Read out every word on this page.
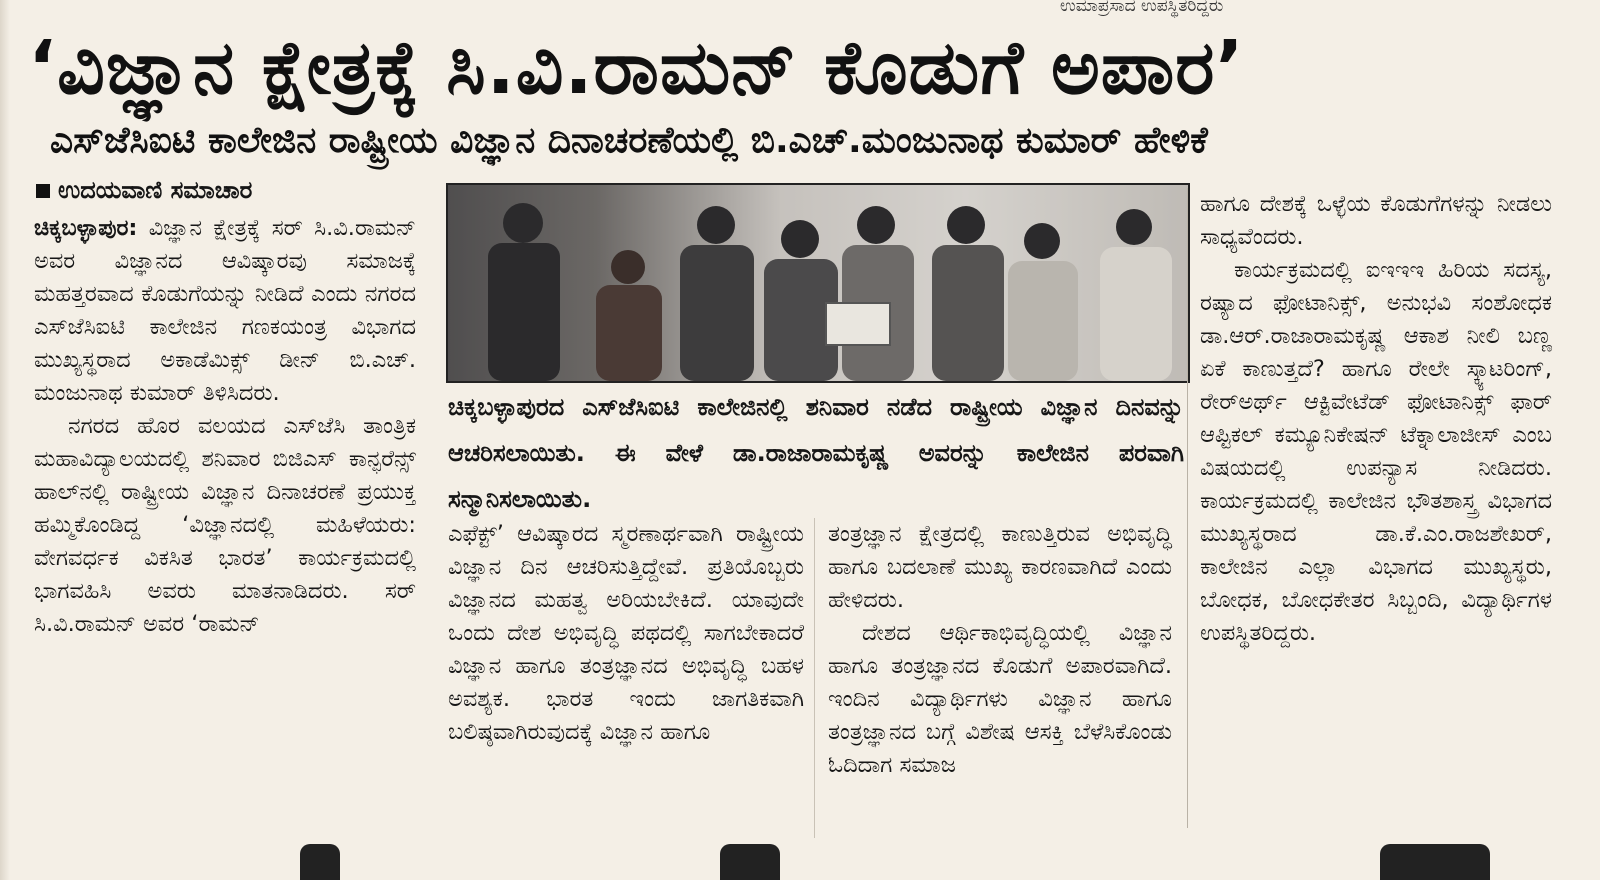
ಉಮಾಪ್ರಸಾದ ಉಪಸ್ಥಿತರಿದ್ದರು
‘ವಿಜ್ಞಾನ ಕ್ಷೇತ್ರಕ್ಕೆ ಸಿ.ವಿ.ರಾಮನ್ ಕೊಡುಗೆ ಅಪಾರ’
ಎಸ್‌ಜೆಸಿಐಟಿ ಕಾಲೇಜಿನ ರಾಷ್ಟ್ರೀಯ ವಿಜ್ಞಾನ ದಿನಾಚರಣೆಯಲ್ಲಿ ಬಿ.ಎಚ್.ಮಂಜುನಾಥ ಕುಮಾರ್ ಹೇಳಿಕೆ
ಉದಯವಾಣಿ ಸಮಾಚಾರ

ಚಿಕ್ಕಬಳ್ಳಾಪುರ: ವಿಜ್ಞಾನ ಕ್ಷೇತ್ರಕ್ಕೆ ಸರ್ ಸಿ.ವಿ.ರಾಮನ್ ಅವರ ವಿಜ್ಞಾನದ ಆವಿಷ್ಕಾರವು ಸಮಾಜಕ್ಕೆ ಮಹತ್ತರವಾದ ಕೊಡುಗೆಯನ್ನು ನೀಡಿದೆ ಎಂದು ನಗರದ ಎಸ್‌ಜೆಸಿಐಟಿ ಕಾಲೇಜಿನ ಗಣಕಯಂತ್ರ ವಿಭಾಗದ ಮುಖ್ಯಸ್ಥರಾದ ಅಕಾಡೆಮಿಕ್ಸ್ ಡೀನ್ ಬಿ.ಎಚ್. ಮಂಜುನಾಥ ಕುಮಾರ್ ತಿಳಿಸಿದರು.

ನಗರದ ಹೊರ ವಲಯದ ಎಸ್‌ಜೆಸಿ ತಾಂತ್ರಿಕ ಮಹಾವಿದ್ಯಾಲಯದಲ್ಲಿ ಶನಿವಾರ ಬಿಜಿಎಸ್ ಕಾನ್ಫರೆನ್ಸ್ ಹಾಲ್‌ನಲ್ಲಿ ರಾಷ್ಟ್ರೀಯ ವಿಜ್ಞಾನ ದಿನಾಚರಣೆ ಪ್ರಯುಕ್ತ ಹಮ್ಮಿಕೊಂಡಿದ್ದ ‘ವಿಜ್ಞಾನದಲ್ಲಿ ಮಹಿಳೆಯರು: ವೇಗವರ್ಧಕ ವಿಕಸಿತ ಭಾರತ’ ಕಾರ್ಯಕ್ರಮದಲ್ಲಿ ಭಾಗವಹಿಸಿ ಅವರು ಮಾತನಾಡಿದರು. ಸರ್ ಸಿ.ವಿ.ರಾಮನ್ ಅವರ ‘ರಾಮನ್

ಚಿಕ್ಕಬಳ್ಳಾಪುರದ ಎಸ್‌ಜೆಸಿಐಟಿ ಕಾಲೇಜಿನಲ್ಲಿ ಶನಿವಾರ ನಡೆದ ರಾಷ್ಟ್ರೀಯ ವಿಜ್ಞಾನ ದಿನವನ್ನು ಆಚರಿಸಲಾಯಿತು. ಈ ವೇಳೆ ಡಾ.ರಾಜಾರಾಮಕೃಷ್ಣ ಅವರನ್ನು ಕಾಲೇಜಿನ ಪರವಾಗಿ ಸನ್ಮಾನಿಸಲಾಯಿತು.

ಎಫೆಕ್ಟ್’ ಆವಿಷ್ಕಾರದ ಸ್ಮರಣಾರ್ಥವಾಗಿ ರಾಷ್ಟ್ರೀಯ ವಿಜ್ಞಾನ ದಿನ ಆಚರಿಸುತ್ತಿದ್ದೇವೆ. ಪ್ರತಿಯೊಬ್ಬರು ವಿಜ್ಞಾನದ ಮಹತ್ವ ಅರಿಯಬೇಕಿದೆ. ಯಾವುದೇ ಒಂದು ದೇಶ ಅಭಿವೃದ್ಧಿ ಪಥದಲ್ಲಿ ಸಾಗಬೇಕಾದರೆ ವಿಜ್ಞಾನ ಹಾಗೂ ತಂತ್ರಜ್ಞಾನದ ಅಭಿವೃದ್ಧಿ ಬಹಳ ಅವಶ್ಯಕ. ಭಾರತ ಇಂದು ಜಾಗತಿಕವಾಗಿ ಬಲಿಷ್ಠವಾಗಿರುವುದಕ್ಕೆ ವಿಜ್ಞಾನ ಹಾಗೂ

ತಂತ್ರಜ್ಞಾನ ಕ್ಷೇತ್ರದಲ್ಲಿ ಕಾಣುತ್ತಿರುವ ಅಭಿವೃದ್ಧಿ ಹಾಗೂ ಬದಲಾಣೆ ಮುಖ್ಯ ಕಾರಣವಾಗಿದೆ ಎಂದು ಹೇಳಿದರು.

ದೇಶದ ಆರ್ಥಿಕಾಭಿವೃದ್ಧಿಯಲ್ಲಿ ವಿಜ್ಞಾನ ಹಾಗೂ ತಂತ್ರಜ್ಞಾನದ ಕೊಡುಗೆ ಅಪಾರವಾಗಿದೆ. ಇಂದಿನ ವಿದ್ಯಾರ್ಥಿಗಳು ವಿಜ್ಞಾನ ಹಾಗೂ ತಂತ್ರಜ್ಞಾನದ ಬಗ್ಗೆ ವಿಶೇಷ ಆಸಕ್ತಿ ಬೆಳೆಸಿಕೊಂಡು ಓದಿದಾಗ ಸಮಾಜ

ಹಾಗೂ ದೇಶಕ್ಕೆ ಒಳ್ಳೆಯ ಕೊಡುಗೆಗಳನ್ನು ನೀಡಲು ಸಾಧ್ಯವೆಂದರು.

ಕಾರ್ಯಕ್ರಮದಲ್ಲಿ ಐಇಇಇ ಹಿರಿಯ ಸದಸ್ಯ, ರಷ್ಯಾದ ಫೋಟಾನಿಕ್ಸ್, ಅನುಭವಿ ಸಂಶೋಧಕ ಡಾ.ಆರ್.ರಾಜಾರಾಮಕೃಷ್ಣ ಆಕಾಶ ನೀಲಿ ಬಣ್ಣ ಏಕೆ ಕಾಣುತ್ತದೆ? ಹಾಗೂ ರೇಲೇ ಸ್ಕ್ಯಾಟರಿಂಗ್, ರೇರ್‌ಅರ್ಥ್ ಆಕ್ಟಿವೇಟೆಡ್ ಫೋಟಾನಿಕ್ಸ್ ಫಾರ್ ಆಪ್ಟಿಕಲ್ ಕಮ್ಯೂನಿಕೇಷನ್ ಟೆಕ್ನಾಲಾಜೀಸ್ ಎಂಬ ವಿಷಯದಲ್ಲಿ ಉಪನ್ಯಾಸ ನೀಡಿದರು. ಕಾರ್ಯಕ್ರಮದಲ್ಲಿ ಕಾಲೇಜಿನ ಭೌತಶಾಸ್ತ್ರ ವಿಭಾಗದ ಮುಖ್ಯಸ್ಥರಾದ ಡಾ.ಕೆ.ಎಂ.ರಾಜಶೇಖರ್, ಕಾಲೇಜಿನ ಎಲ್ಲಾ ವಿಭಾಗದ ಮುಖ್ಯಸ್ಥರು, ಬೋಧಕ, ಬೋಧಕೇತರ ಸಿಬ್ಬಂದಿ, ವಿದ್ಯಾರ್ಥಿಗಳ ಉಪಸ್ಥಿತರಿದ್ದರು.
